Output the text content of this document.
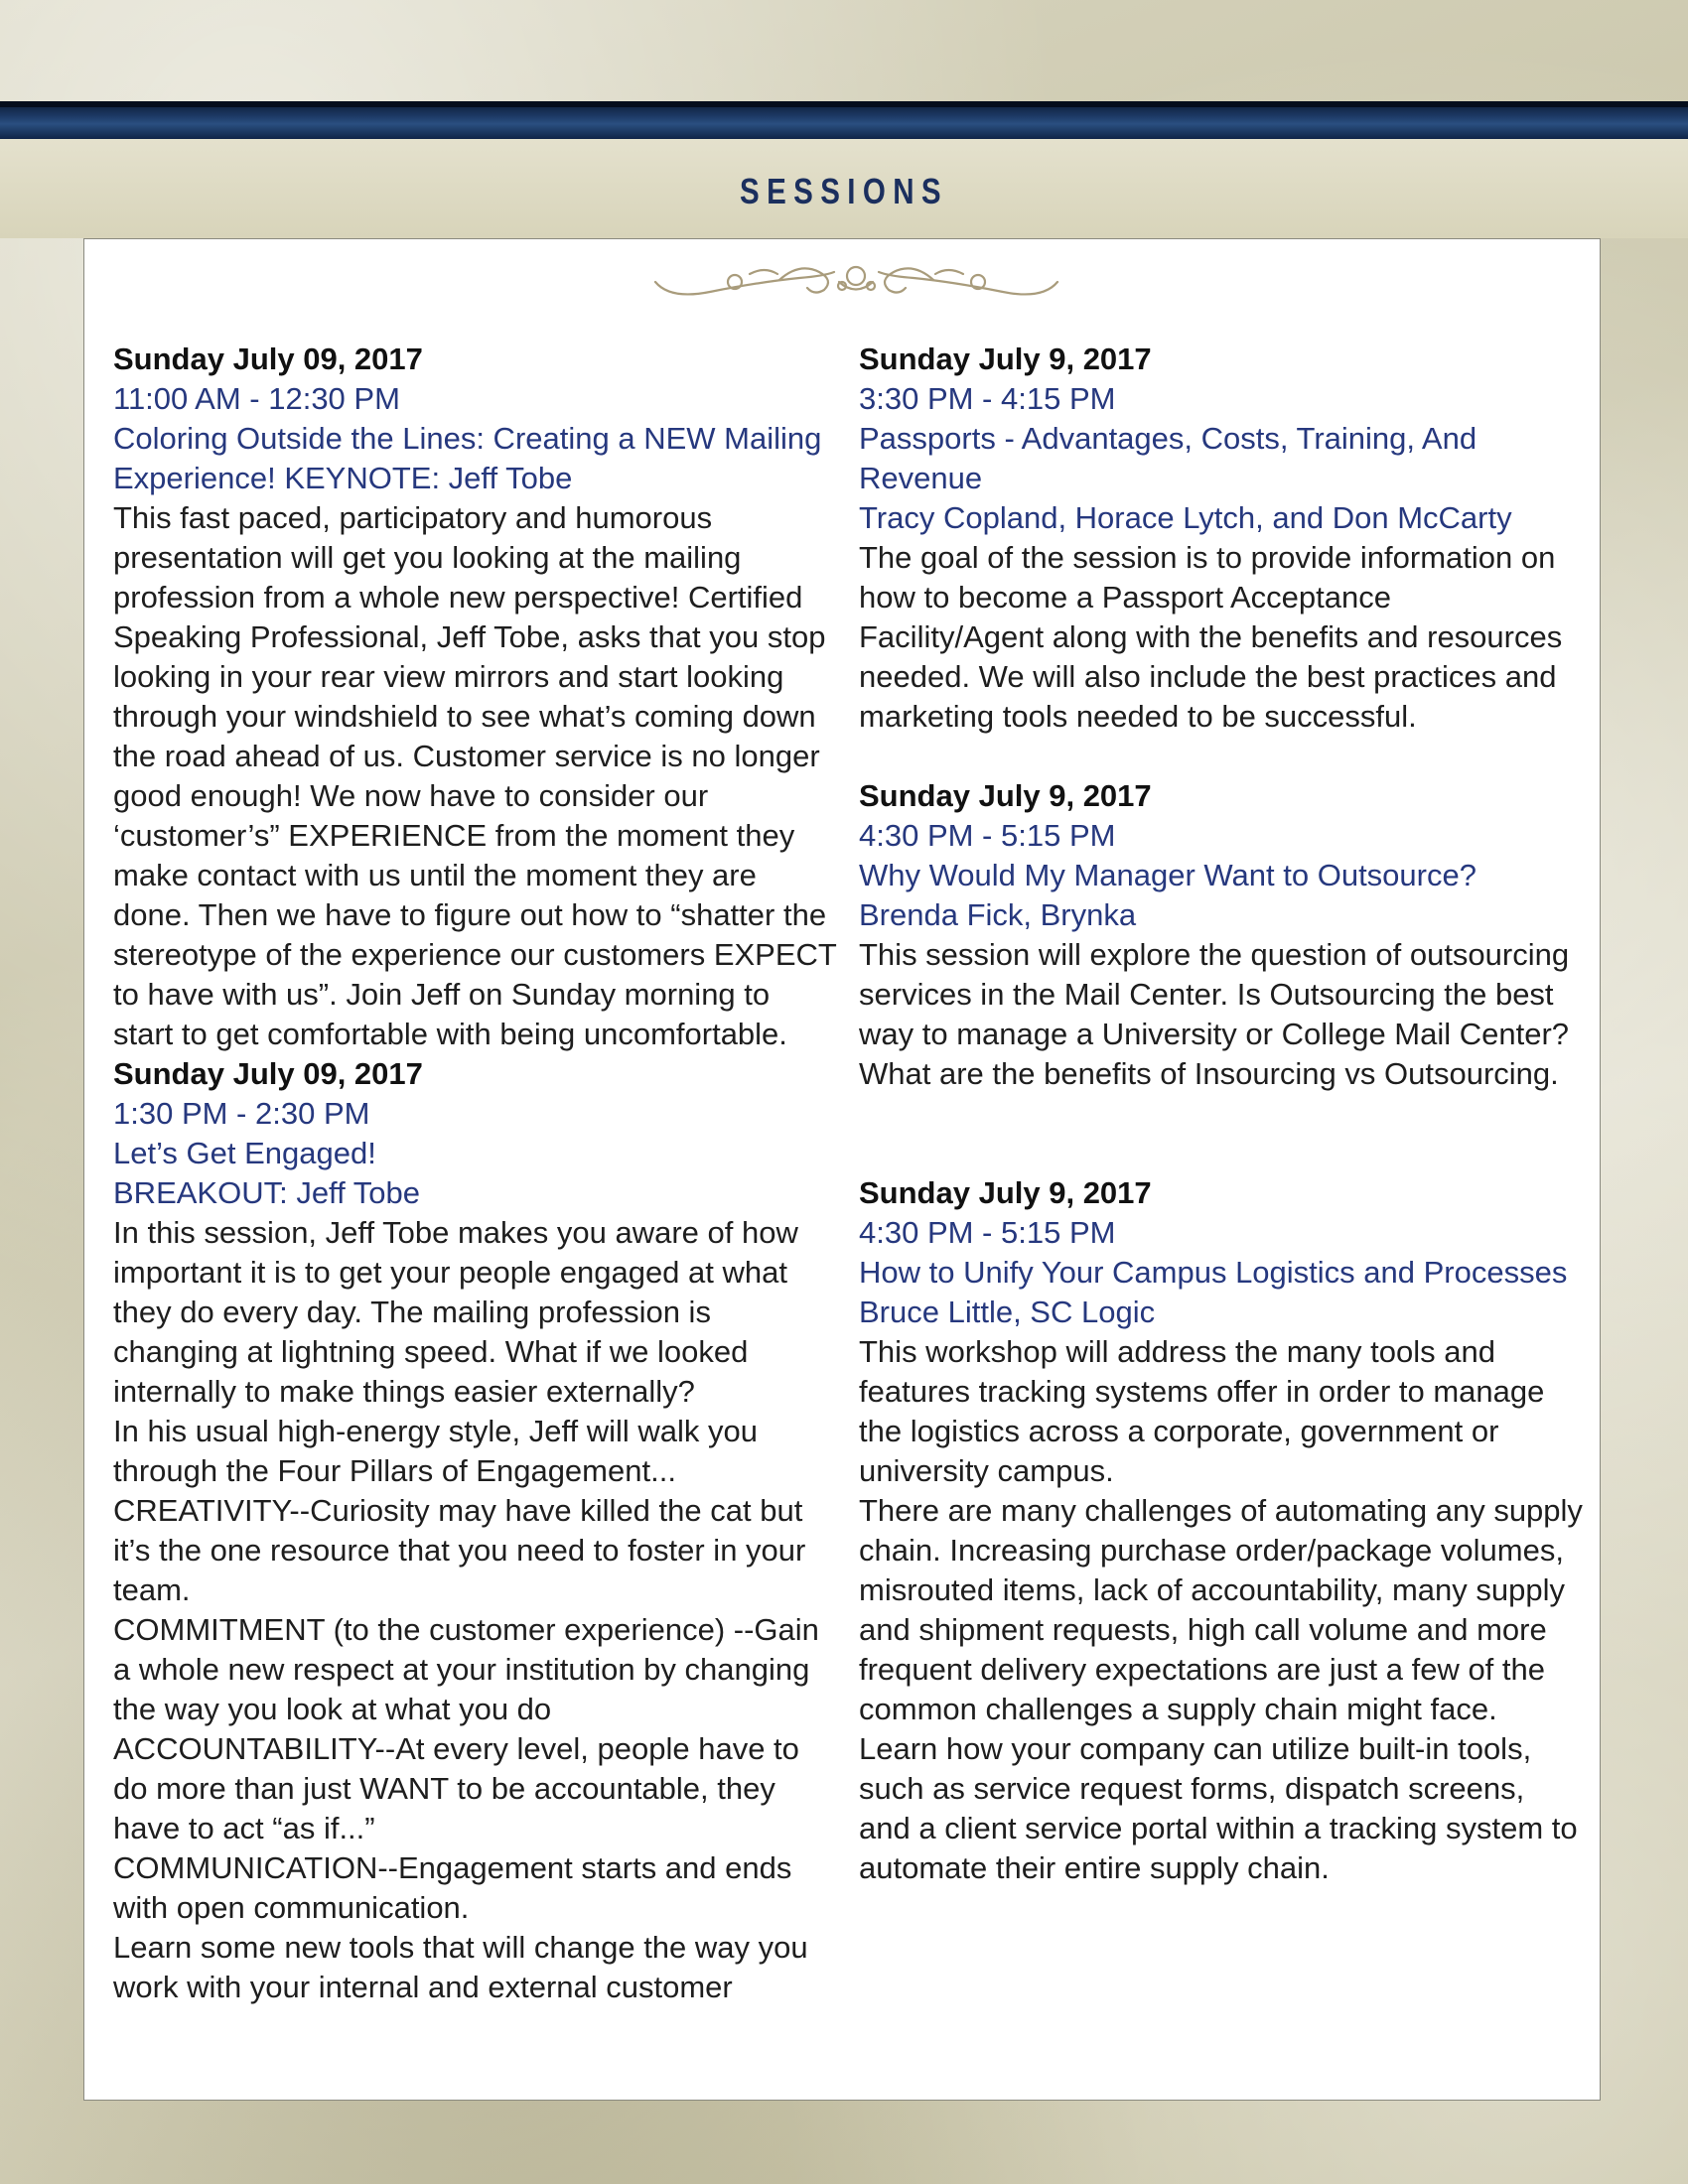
SESSIONS
Sunday July 09, 2017
11:00 AM - 12:30 PM
Coloring Outside the Lines: Creating a NEW Mailing Experience! KEYNOTE: Jeff Tobe

This fast paced, participatory and humorous presentation will get you looking at the mailing profession from a whole new perspective! Certified Speaking Professional, Jeff Tobe, asks that you stop looking in your rear view mirrors and start looking through your windshield to see what’s coming down the road ahead of us. Customer service is no longer good enough! We now have to consider our ‘customer’s” EXPERIENCE from the moment they make contact with us until the moment they are done. Then we have to figure out how to “shatter the stereotype of the experience our customers EXPECT to have with us”. Join Jeff on Sunday morning to start to get comfortable with being uncomfortable.

Sunday July 09, 2017
1:30 PM - 2:30 PM
Let’s Get Engaged!
BREAKOUT: Jeff Tobe

In this session, Jeff Tobe makes you aware of how important it is to get your people engaged at what they do every day. The mailing profession is changing at lightning speed. What if we looked internally to make things easier externally?

In his usual high-energy style, Jeff will walk you through the Four Pillars of Engagement...

CREATIVITY--Curiosity may have killed the cat but it’s the one resource that you need to foster in your team.

COMMITMENT (to the customer experience) --Gain a whole new respect at your institution by changing the way you look at what you do

ACCOUNTABILITY--At every level, people have to do more than just WANT to be accountable, they have to act “as if...”

COMMUNICATION--Engagement starts and ends with open communication.

Learn some new tools that will change the way you work with your internal and external customer

Sunday July 9, 2017
3:30 PM - 4:15 PM
Passports - Advantages, Costs, Training, And Revenue
Tracy Copland, Horace Lytch, and Don McCarty

The goal of the session is to provide information on how to become a Passport Acceptance Facility/Agent along with the benefits and resources needed. We will also include the best practices and marketing tools needed to be successful.

Sunday July 9, 2017
4:30 PM - 5:15 PM
Why Would My Manager Want to Outsource?
Brenda Fick, Brynka

This session will explore the question of outsourcing services in the Mail Center. Is Outsourcing the best way to manage a University or College Mail Center? What are the benefits of Insourcing vs Outsourcing.

Sunday July 9, 2017
4:30 PM - 5:15 PM
How to Unify Your Campus Logistics and Processes
Bruce Little, SC Logic

This workshop will address the many tools and features tracking systems offer in order to manage the logistics across a corporate, government or university campus.

There are many challenges of automating any supply chain. Increasing purchase order/package volumes, misrouted items, lack of accountability, many supply and shipment requests, high call volume and more frequent delivery expectations are just a few of the common challenges a supply chain might face. Learn how your company can utilize built-in tools, such as service request forms, dispatch screens, and a client service portal within a tracking system to automate their entire supply chain.
